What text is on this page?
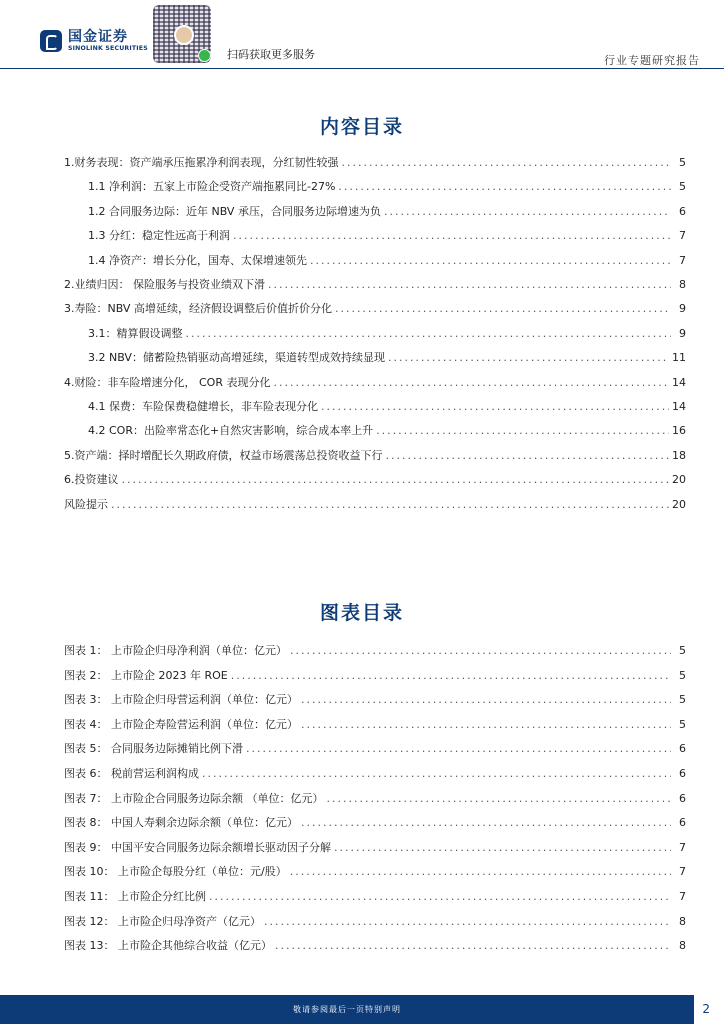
国金证券
SINOLINK SECURITIES	扫码获取更多服务	行业专题研究报告
内容目录
1.财务表现：资产端承压拖累净利润表现，分红韧性较强 .....	5
1.1 净利润：五家上市险企受资产端拖累同比-27% .....	5
1.2 合同服务边际：近年 NBV 承压，合同服务边际增速为负 .....	6
1.3 分红：稳定性远高于利润 .....	7
1.4 净资产：增长分化，国寿、太保增速领先 .....	7
2.业绩归因： 保险服务与投资业绩双下滑 .....	8
3.寿险：NBV 高增延续，经济假设调整后价值折价分化 .....	9
3.1：精算假设调整 .....	9
3.2 NBV：储蓄险热销驱动高增延续，渠道转型成效持续显现 .....	11
4.财险：非车险增速分化， COR 表现分化 .....	14
4.1 保费：车险保费稳健增长，非车险表现分化 .....	14
4.2 COR：出险率常态化+自然灾害影响，综合成本率上升 .....	16
5.资产端：择时增配长久期政府债，权益市场震荡总投资收益下行 .....	18
6.投资建议 .....	20
风险提示 .....	20
图表目录
图表 1： 上市险企归母净利润（单位：亿元） .....	5
图表 2： 上市险企 2023 年 ROE .....	5
图表 3： 上市险企归母营运利润（单位：亿元） .....	5
图表 4： 上市险企寿险营运利润（单位：亿元） .....	5
图表 5： 合同服务边际摊销比例下滑 .....	6
图表 6： 税前营运利润构成 .....	6
图表 7： 上市险企合同服务边际余额 （单位：亿元） .....	6
图表 8： 中国人寿剩余边际余额（单位：亿元） .....	6
图表 9： 中国平安合同服务边际余额增长驱动因子分解 .....	7
图表 10： 上市险企每股分红（单位：元/股） .....	7
图表 11： 上市险企分红比例 .....	7
图表 12： 上市险企归母净资产（亿元） .....	8
图表 13： 上市险企其他综合收益（亿元） .....	8
敬请参阅最后一页特别声明	2
